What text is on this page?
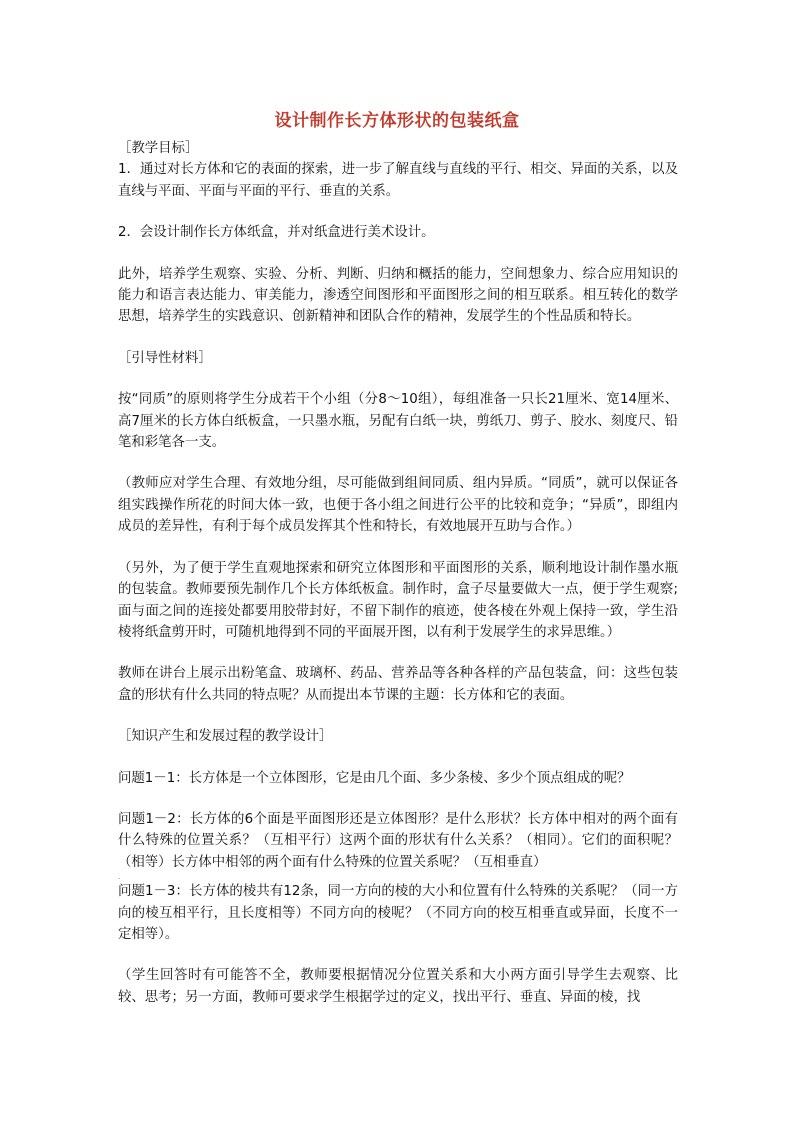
设计制作长方体形状的包装纸盒

［教学目标］

1．通过对长方体和它的表面的探索，进一步了解直线与直线的平行、相交、异面的关系，以及直线与平面、平面与平面的平行、垂直的关系。

2．会设计制作长方体纸盒，并对纸盒进行美术设计。

此外，培养学生观察、实验、分析、判断、归纳和概括的能力，空间想象力、综合应用知识的能力和语言表达能力、审美能力，渗透空间图形和平面图形之间的相互联系。相互转化的数学思想，培养学生的实践意识、创新精神和团队合作的精神，发展学生的个性品质和特长。

［引导性材料］

按“同质”的原则将学生分成若干个小组（分8～10组），每组准备一只长21厘米、宽14厘米、高7厘米的长方体白纸板盒，一只墨水瓶，另配有白纸一块，剪纸刀、剪子、胶水、刻度尺、铅笔和彩笔各一支。

（教师应对学生合理、有效地分组，尽可能做到组间同质、组内异质。“同质”，就可以保证各组实践操作所花的时间大体一致，也便于各小组之间进行公平的比较和竞争；“异质”，即组内成员的差异性，有利于每个成员发挥其个性和特长，有效地展开互助与合作。）

（另外，为了便于学生直观地探索和研究立体图形和平面图形的关系，顺利地设计制作墨水瓶的包装盒。教师要预先制作几个长方体纸板盒。制作时，盒子尽量要做大一点，便于学生观察;面与面之间的连接处都要用胶带封好，不留下制作的痕迹，使各棱在外观上保持一致，学生沿棱将纸盒剪开时，可随机地得到不同的平面展开图，以有利于发展学生的求异思维。）

教师在讲台上展示出粉笔盒、玻璃杯、药品、营养品等各种各样的产品包装盒，问：这些包装盒的形状有什么共同的特点呢？从而提出本节课的主题：长方体和它的表面。

［知识产生和发展过程的教学设计］

问题1－1：长方体是一个立体图形，它是由几个面、多少条棱、多少个顶点组成的呢？

问题1－2：长方体的6个面是平面图形还是立体图形？是什么形状？长方体中相对的两个面有什么特殊的位置关系？（互相平行）这两个面的形状有什么关系？（相同）。它们的面积呢？（相等）长方体中相邻的两个面有什么特殊的位置关系呢？（互相垂直）

.

问题1－3：长方体的棱共有12条，同一方向的棱的大小和位置有什么特殊的关系呢？（同一方向的棱互相平行，且长度相等）不同方向的棱呢？（不同方向的校互相垂直或异面，长度不一定相等）。

（学生回答时有可能答不全，教师要根据情况分位置关系和大小两方面引导学生去观察、比较、思考；另一方面，教师可要求学生根据学过的定义，找出平行、垂直、异面的棱，找
